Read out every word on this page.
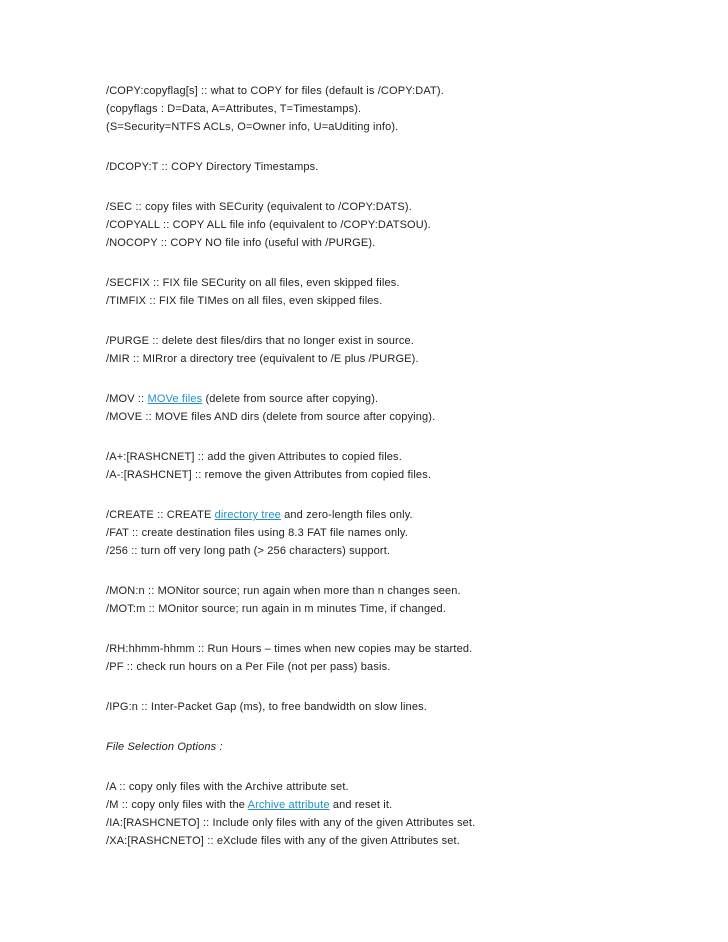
/COPY:copyflag[s] :: what to COPY for files (default is /COPY:DAT).
(copyflags : D=Data, A=Attributes, T=Timestamps).
(S=Security=NTFS ACLs, O=Owner info, U=aUditing info).
/DCOPY:T :: COPY Directory Timestamps.
/SEC :: copy files with SECurity (equivalent to /COPY:DATS).
/COPYALL :: COPY ALL file info (equivalent to /COPY:DATSOU).
/NOCOPY :: COPY NO file info (useful with /PURGE).
/SECFIX :: FIX file SECurity on all files, even skipped files.
/TIMFIX :: FIX file TIMes on all files, even skipped files.
/PURGE :: delete dest files/dirs that no longer exist in source.
/MIR :: MIRror a directory tree (equivalent to /E plus /PURGE).
/MOV :: MOVe files (delete from source after copying).
/MOVE :: MOVE files AND dirs (delete from source after copying).
/A+:[RASHCNET] :: add the given Attributes to copied files.
/A-:[RASHCNET] :: remove the given Attributes from copied files.
/CREATE :: CREATE directory tree and zero-length files only.
/FAT :: create destination files using 8.3 FAT file names only.
/256 :: turn off very long path (> 256 characters) support.
/MON:n :: MONitor source; run again when more than n changes seen.
/MOT:m :: MOnitor source; run again in m minutes Time, if changed.
/RH:hhmm-hhmm :: Run Hours – times when new copies may be started.
/PF :: check run hours on a Per File (not per pass) basis.
/IPG:n :: Inter-Packet Gap (ms), to free bandwidth on slow lines.
File Selection Options :
/A :: copy only files with the Archive attribute set.
/M :: copy only files with the Archive attribute and reset it.
/IA:[RASHCNETO] :: Include only files with any of the given Attributes set.
/XA:[RASHCNETO] :: eXclude files with any of the given Attributes set.
